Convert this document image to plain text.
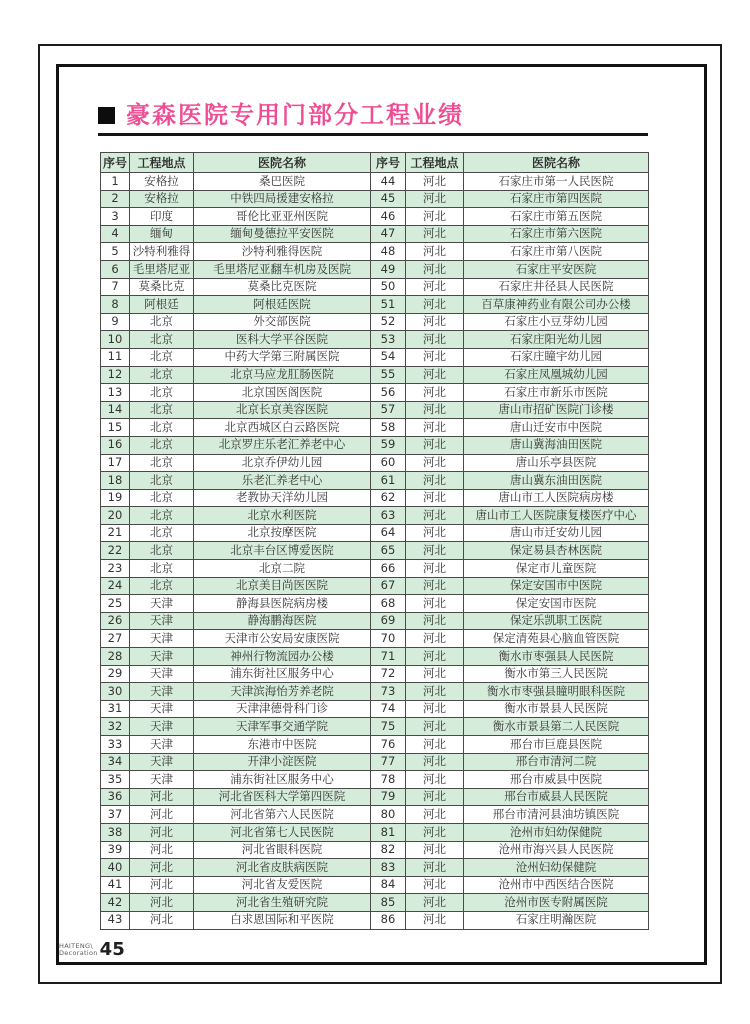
豪森医院专用门部分工程业绩
序号	工程地点	医院名称	序号	工程地点	医院名称
1	安格拉	桑巴医院	44	河北	石家庄市第一人民医院
2	安格拉	中铁四局援建安格拉	45	河北	石家庄市第四医院
3	印度	哥伦比亚亚州医院	46	河北	石家庄市第五医院
4	缅甸	缅甸曼德拉平安医院	47	河北	石家庄市第六医院
5	沙特利雅得	沙特利雅得医院	48	河北	石家庄市第八医院
6	毛里塔尼亚	毛里塔尼亚翻车机房及医院	49	河北	石家庄平安医院
7	莫桑比克	莫桑比克医院	50	河北	石家庄井径县人民医院
8	阿根廷	阿根廷医院	51	河北	百草康神药业有限公司办公楼
9	北京	外交部医院	52	河北	石家庄小豆芽幼儿园
10	北京	医科大学平谷医院	53	河北	石家庄阳光幼儿园
11	北京	中药大学第三附属医院	54	河北	石家庄瞳宇幼儿园
12	北京	北京马应龙肛肠医院	55	河北	石家庄凤凰城幼儿园
13	北京	北京国医阁医院	56	河北	石家庄市新乐市医院
14	北京	北京长京美容医院	57	河北	唐山市招矿医院门诊楼
15	北京	北京西城区白云路医院	58	河北	唐山迁安市中医院
16	北京	北京罗庄乐老汇养老中心	59	河北	唐山冀海油田医院
17	北京	北京乔伊幼儿园	60	河北	唐山乐亭县医院
18	北京	乐老汇养老中心	61	河北	唐山冀东油田医院
19	北京	老教协天洋幼儿园	62	河北	唐山市工人医院病房楼
20	北京	北京水利医院	63	河北	唐山市工人医院康复楼医疗中心
21	北京	北京按摩医院	64	河北	唐山市迁安幼儿园
22	北京	北京丰台区博爱医院	65	河北	保定易县杏林医院
23	北京	北京二院	66	河北	保定市儿童医院
24	北京	北京美目尚医医院	67	河北	保定安国市中医院
25	天津	静海县医院病房楼	68	河北	保定安国市医院
26	天津	静海鹏海医院	69	河北	保定乐凯职工医院
27	天津	天津市公安局安康医院	70	河北	保定清苑县心脑血管医院
28	天津	神州行物流园办公楼	71	河北	衡水市枣强县人民医院
29	天津	浦东街社区服务中心	72	河北	衡水市第三人民医院
30	天津	天津滨海怡芳养老院	73	河北	衡水市枣强县瞳明眼科医院
31	天津	天津津德骨科门诊	74	河北	衡水市景县人民医院
32	天津	天津军事交通学院	75	河北	衡水市景县第二人民医院
33	天津	东港市中医院	76	河北	邢台市巨鹿县医院
34	天津	开津小淀医院	77	河北	邢台市清河二院
35	天津	浦东街社区服务中心	78	河北	邢台市威县中医院
36	河北	河北省医科大学第四医院	79	河北	邢台市威县人民医院
37	河北	河北省第六人民医院	80	河北	邢台市清河县油坊镇医院
38	河北	河北省第七人民医院	81	河北	沧州市妇幼保健院
39	河北	河北省眼科医院	82	河北	沧州市海兴县人民医院
40	河北	河北省皮肤病医院	83	河北	沧州妇幼保健院
41	河北	河北省友爱医院	84	河北	沧州市中西医结合医院
42	河北	河北省生殖研究院	85	河北	沧州市医专附属医院
43	河北	白求恩国际和平医院	86	河北	石家庄明瀚医院
HAITENG\
Decoration 45
